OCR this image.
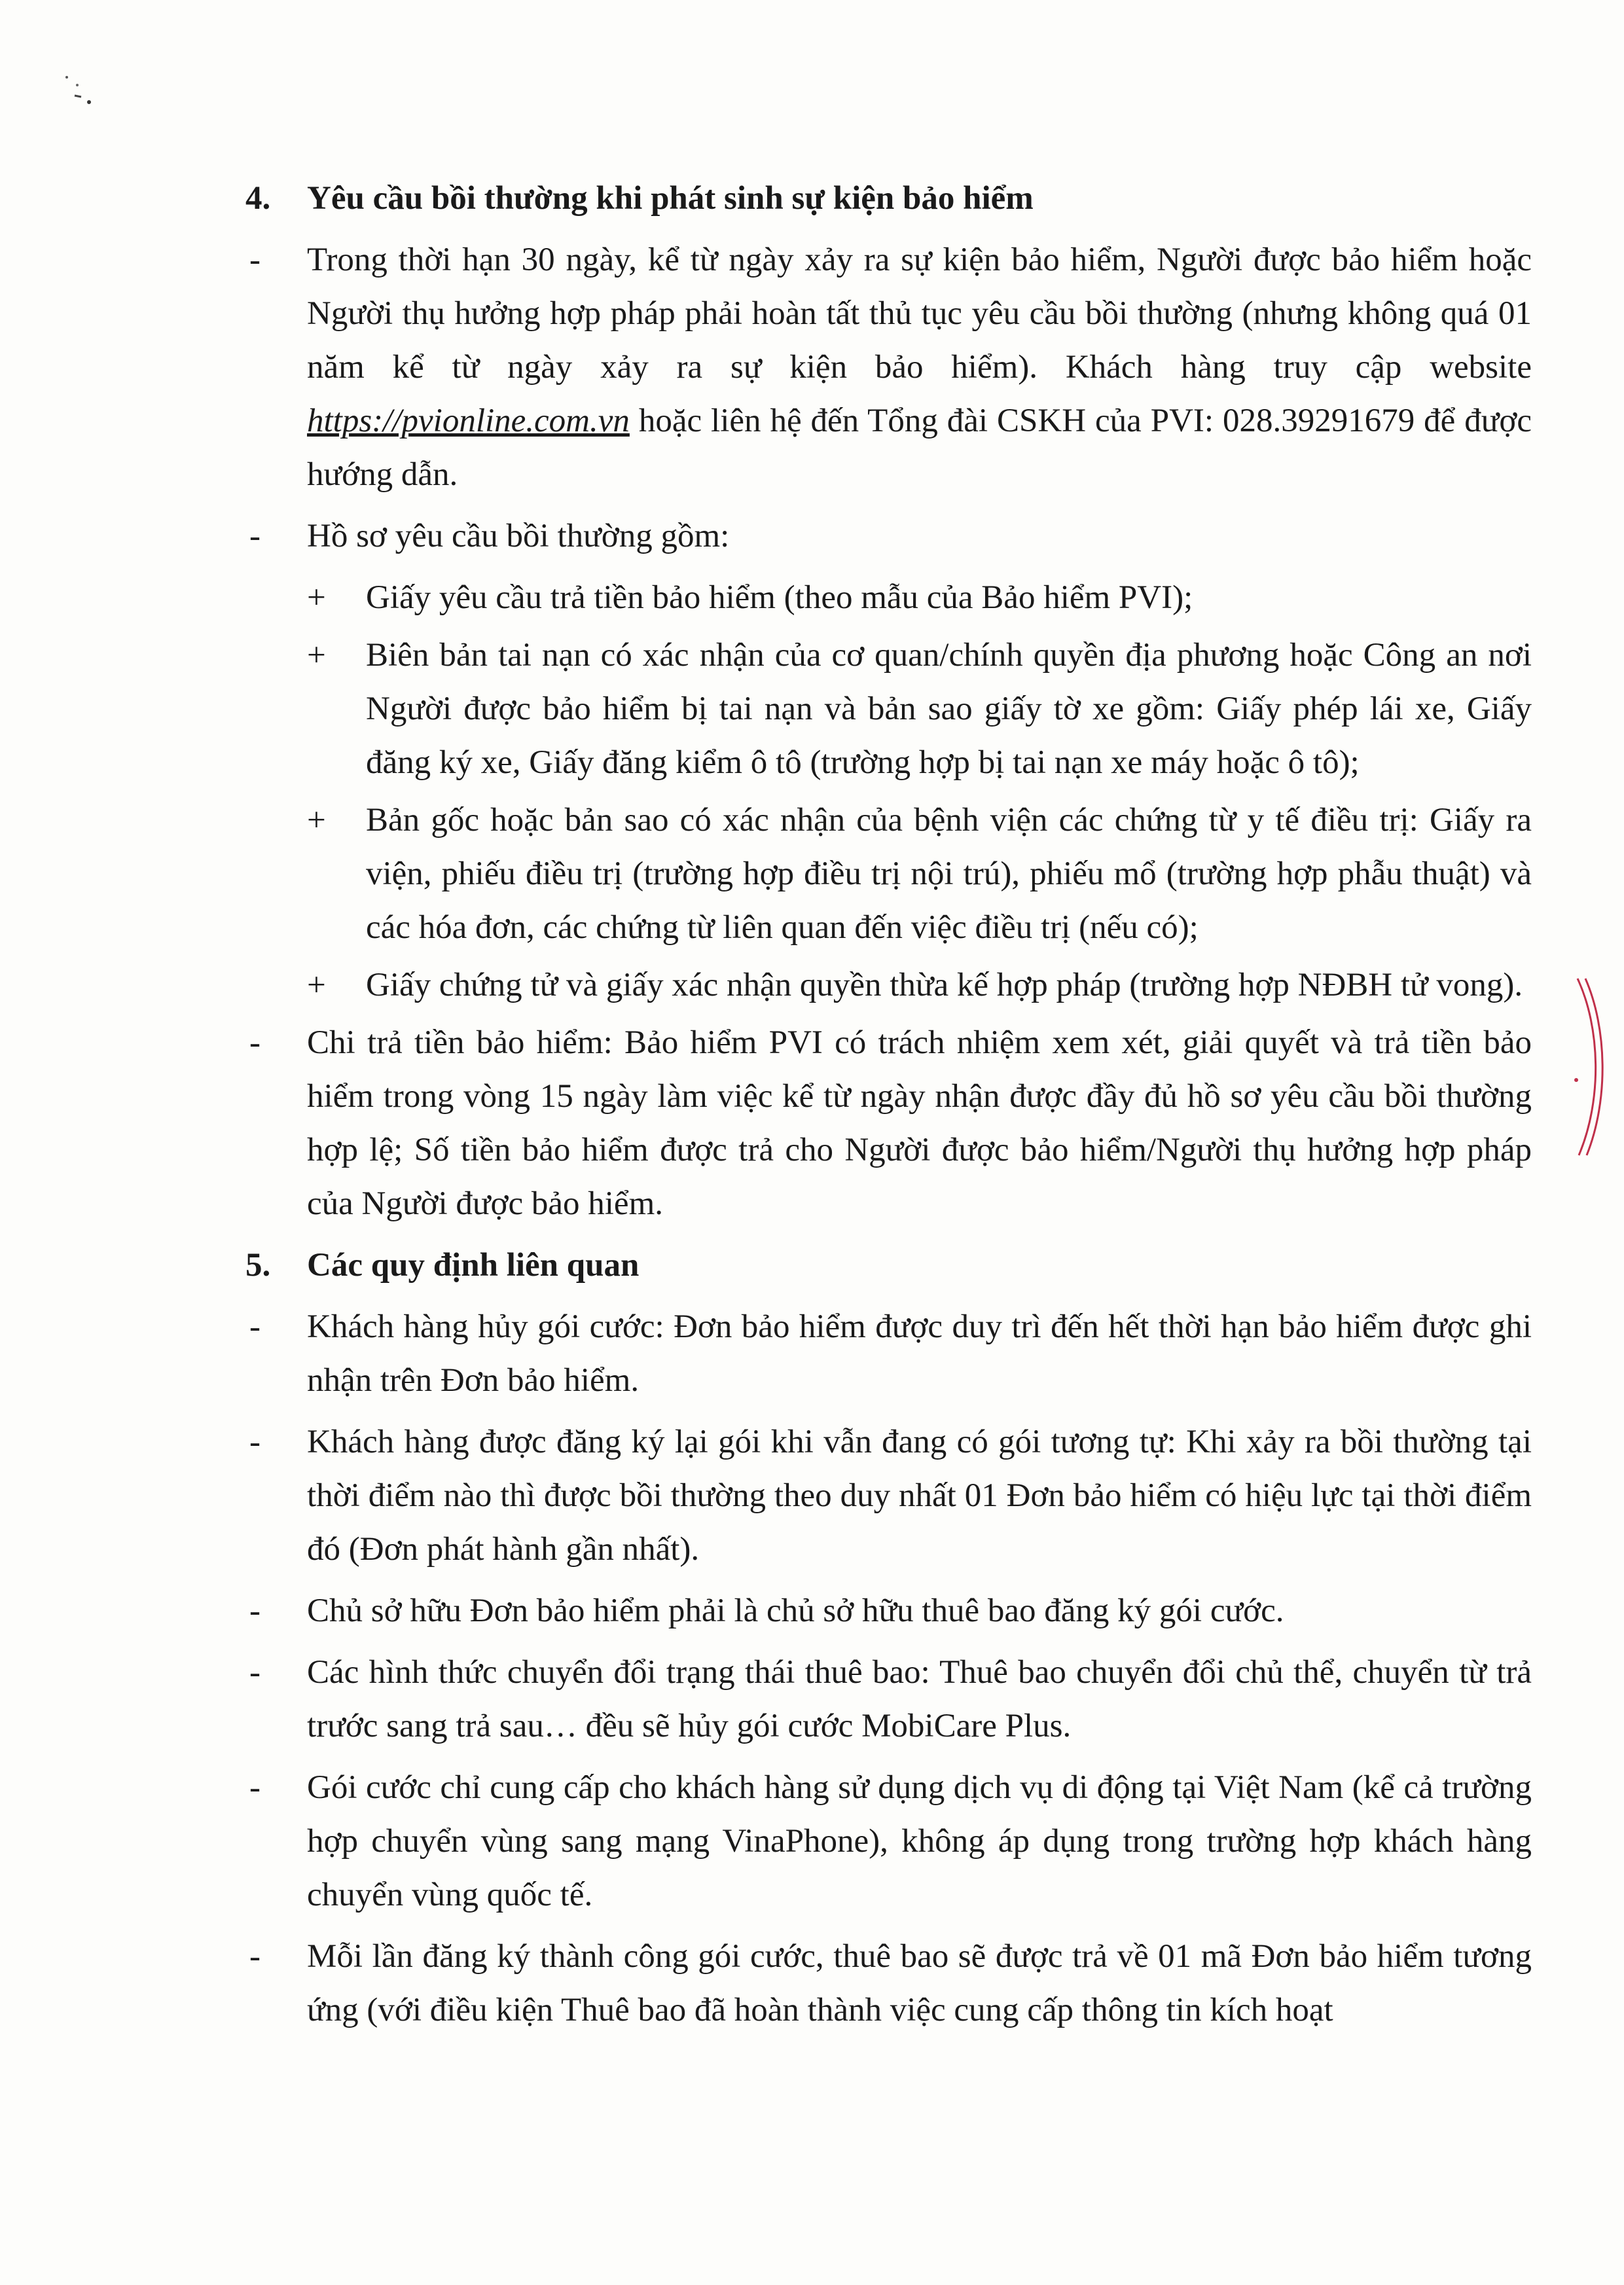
4.	Yêu cầu bồi thường khi phát sinh sự kiện bảo hiểm
-	Trong thời hạn 30 ngày, kể từ ngày xảy ra sự kiện bảo hiểm, Người được bảo hiểm hoặc Người thụ hưởng hợp pháp phải hoàn tất thủ tục yêu cầu bồi thường (nhưng không quá 01 năm kể từ ngày xảy ra sự kiện bảo hiểm). Khách hàng truy cập website https://pvionline.com.vn hoặc liên hệ đến Tổng đài CSKH của PVI: 028.39291679 để được hướng dẫn.
-	Hồ sơ yêu cầu bồi thường gồm:
+	Giấy yêu cầu trả tiền bảo hiểm (theo mẫu của Bảo hiểm PVI);
+	Biên bản tai nạn có xác nhận của cơ quan/chính quyền địa phương hoặc Công an nơi Người được bảo hiểm bị tai nạn và bản sao giấy tờ xe gồm: Giấy phép lái xe, Giấy đăng ký xe, Giấy đăng kiểm ô tô (trường hợp bị tai nạn xe máy hoặc ô tô);
+	Bản gốc hoặc bản sao có xác nhận của bệnh viện các chứng từ y tế điều trị: Giấy ra viện, phiếu điều trị (trường hợp điều trị nội trú), phiếu mổ (trường hợp phẫu thuật) và các hóa đơn, các chứng từ liên quan đến việc điều trị (nếu có);
+	Giấy chứng tử và giấy xác nhận quyền thừa kế hợp pháp (trường hợp NĐBH tử vong).
-	Chi trả tiền bảo hiểm: Bảo hiểm PVI có trách nhiệm xem xét, giải quyết và trả tiền bảo hiểm trong vòng 15 ngày làm việc kể từ ngày nhận được đầy đủ hồ sơ yêu cầu bồi thường hợp lệ; Số tiền bảo hiểm được trả cho Người được bảo hiểm/Người thụ hưởng hợp pháp của Người được bảo hiểm.
5.	Các quy định liên quan
-	Khách hàng hủy gói cước: Đơn bảo hiểm được duy trì đến hết thời hạn bảo hiểm được ghi nhận trên Đơn bảo hiểm.
-	Khách hàng được đăng ký lại gói khi vẫn đang có gói tương tự: Khi xảy ra bồi thường tại thời điểm nào thì được bồi thường theo duy nhất 01 Đơn bảo hiểm có hiệu lực tại thời điểm đó (Đơn phát hành gần nhất).
-	Chủ sở hữu Đơn bảo hiểm phải là chủ sở hữu thuê bao đăng ký gói cước.
-	Các hình thức chuyển đổi trạng thái thuê bao: Thuê bao chuyển đổi chủ thể, chuyển từ trả trước sang trả sau… đều sẽ hủy gói cước MobiCare Plus.
-	Gói cước chỉ cung cấp cho khách hàng sử dụng dịch vụ di động tại Việt Nam (kể cả trường hợp chuyển vùng sang mạng VinaPhone), không áp dụng trong trường hợp khách hàng chuyển vùng quốc tế.
-	Mỗi lần đăng ký thành công gói cước, thuê bao sẽ được trả về 01 mã Đơn bảo hiểm tương ứng (với điều kiện Thuê bao đã hoàn thành việc cung cấp thông tin kích hoạt
